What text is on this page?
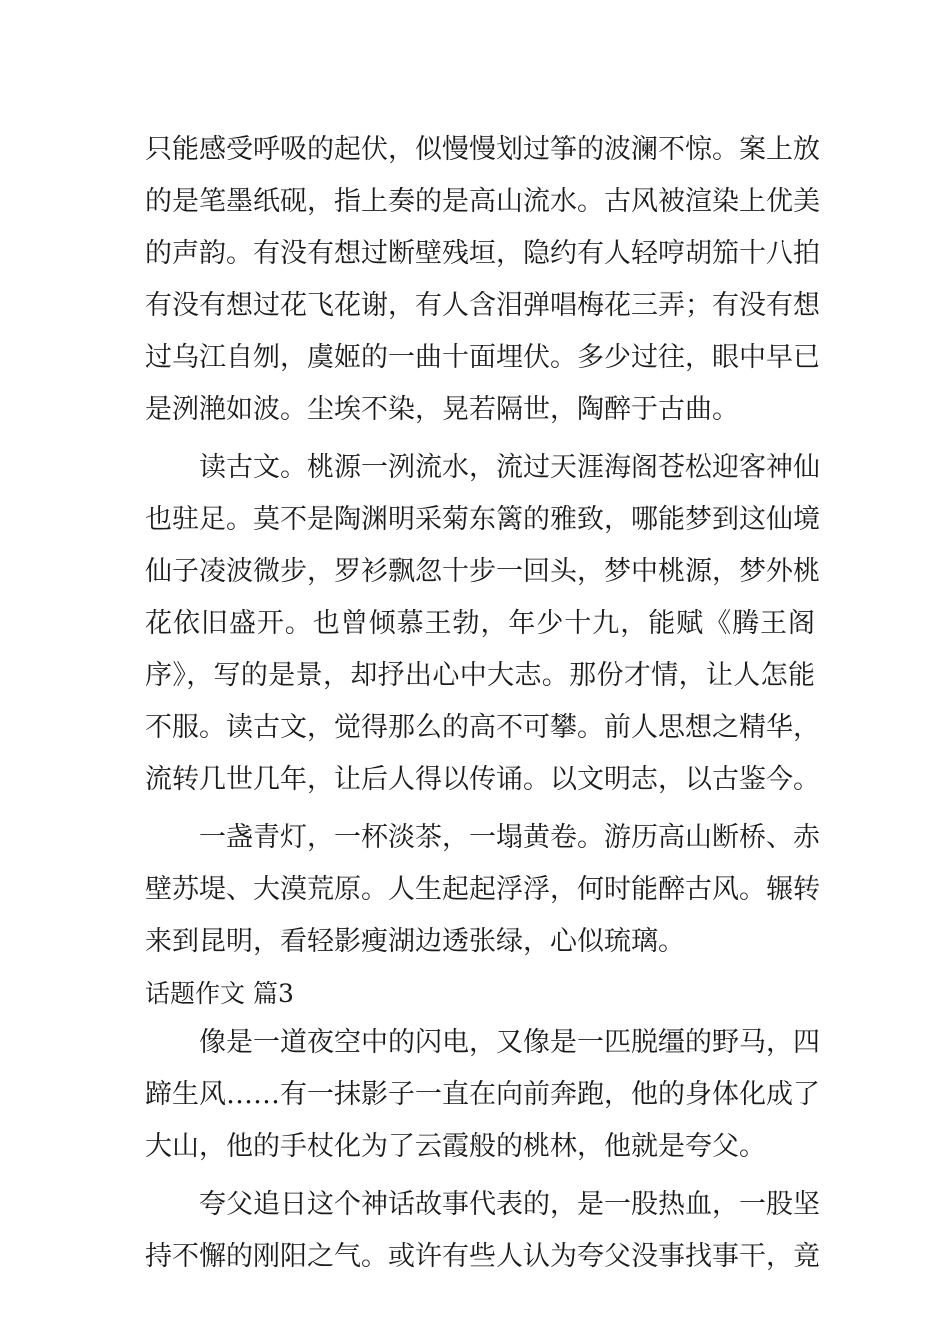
只能感受呼吸的起伏，似慢慢划过筝的波澜不惊。案上放
的是笔墨纸砚，指上奏的是高山流水。古风被渲染上优美
的声韵。有没有想过断壁残垣，隐约有人轻哼胡笳十八拍
有没有想过花飞花谢，有人含泪弹唱梅花三弄；有没有想
过乌江自刎，虞姬的一曲十面埋伏。多少过往，眼中早已
是洌滟如波。尘埃不染，晃若隔世，陶醉于古曲。
读古文。桃源一洌流水，流过天涯海阁苍松迎客神仙
也驻足。莫不是陶渊明采菊东篱的雅致，哪能梦到这仙境
仙子凌波微步，罗衫飘忽十步一回头，梦中桃源，梦外桃
花依旧盛开。也曾倾慕王勃，年少十九，能赋《腾王阁
序》，写的是景，却抒出心中大志。那份才情，让人怎能
不服。读古文，觉得那么的高不可攀。前人思想之精华，
流转几世几年，让后人得以传诵。以文明志，以古鉴今。
一盏青灯，一杯淡茶，一塌黄卷。游历高山断桥、赤
壁苏堤、大漠荒原。人生起起浮浮，何时能醉古风。辗转
来到昆明，看轻影瘦湖边透张绿，心似琉璃。
话题作文 篇3
像是一道夜空中的闪电，又像是一匹脱缰的野马，四
蹄生风……有一抹影子一直在向前奔跑，他的身体化成了
大山，他的手杖化为了云霞般的桃林，他就是夸父。
夸父追日这个神话故事代表的，是一股热血，一股坚
持不懈的刚阳之气。或许有些人认为夸父没事找事干，竟
